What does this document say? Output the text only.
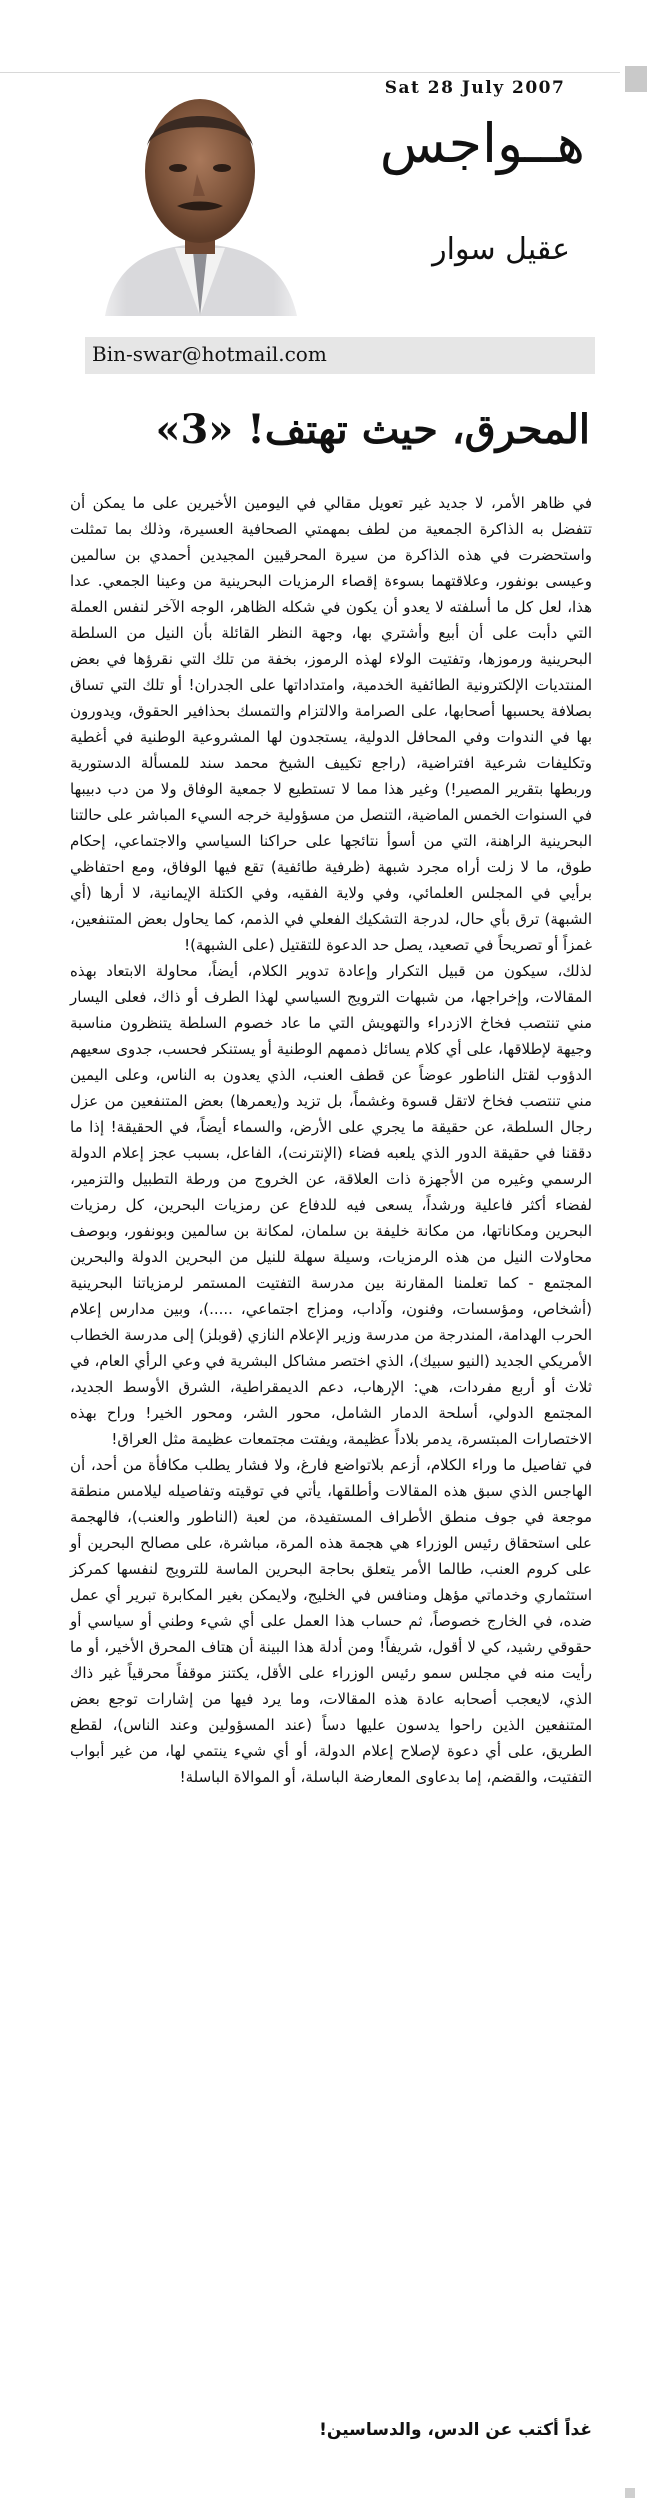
Sat 28 July 2007
هــواجس
عقيل سوار
Bin-swar@hotmail.com
المحرق، حيث تهتف! «3»

في ظاهر الأمر، لا جديد غير تعويل مقالي في اليومين الأخيرين على ما يمكن أن تتفضل به الذاكرة الجمعية من لطف بمهمتي الصحافية العسيرة، وذلك بما تمثلت واستحضرت في هذه الذاكرة من سيرة المحرقيين المجيدين أحمدي بن سالمين وعيسى بونفور، وعلاقتهما بسوءة إقصاء الرمزيات البحرينية من وعينا الجمعي. عدا هذا، لعل كل ما أسلفته لا يعدو أن يكون في شكله الظاهر، الوجه الآخر لنفس العملة التي دأبت على أن أبيع وأشتري بها، وجهة النظر القائلة بأن النيل من السلطة البحرينية ورموزها، وتفتيت الولاء لهذه الرموز، بخفة من تلك التي نقرؤها في بعض المنتديات الإلكترونية الطائفية الخدمية، وامتداداتها على الجدران! أو تلك التي تساق بصلافة يحسبها أصحابها، على الصرامة والالتزام والتمسك بحذافير الحقوق، ويدورون بها في الندوات وفي المحافل الدولية، يستجدون لها المشروعية الوطنية في أغطية وتكليفات شرعية افتراضية، (راجع تكييف الشيخ محمد سند للمسألة الدستورية وربطها بتقرير المصير!) وغير هذا مما لا تستطيع لا جمعية الوفاق ولا من دب دبيبها في السنوات الخمس الماضية، التنصل من مسؤولية خرجه السيء المباشر على حالتنا البحرينية الراهنة، التي من أسوأ نتائجها على حراكنا السياسي والاجتماعي، إحكام طوق، ما لا زلت أراه مجرد شبهة (ظرفية طائفية) تقع فيها الوفاق، ومع احتفاظي برأيي في المجلس العلمائي، وفي ولاية الفقيه، وفي الكتلة الإيمانية، لا أرها (أي الشبهة) ترق بأي حال، لدرجة التشكيك الفعلي في الذمم، كما يحاول بعض المتنفعين، غمزاً أو تصريحاً في تصعيد، يصل حد الدعوة للتقتيل (على الشبهة)!

لذلك، سيكون من قبيل التكرار وإعادة تدوير الكلام، أيضاً، محاولة الابتعاد بهذه المقالات، وإخراجها، من شبهات الترويج السياسي لهذا الطرف أو ذاك، فعلى اليسار مني تنتصب فخاخ الازدراء والتهويش التي ما عاد خصوم السلطة يتنظرون مناسبة وجيهة لإطلاقها، على أي كلام يسائل ذممهم الوطنية أو يستنكر فحسب، جدوى سعيهم الدؤوب لقتل الناطور عوضاً عن قطف العنب، الذي يعدون به الناس، وعلى اليمين مني تنتصب فخاخ لاتقل قسوة وغشماً، بل تزيد و(يعمرها) بعض المتنفعين من عزل رجال السلطة، عن حقيقة ما يجري على الأرض، والسماء أيضاً، في الحقيقة! إذا ما دققنا في حقيقة الدور الذي يلعبه فضاء (الإنترنت)، الفاعل، بسبب عجز إعلام الدولة الرسمي وغيره من الأجهزة ذات العلاقة، عن الخروج من ورطة التطبيل والتزمير، لفضاء أكثر فاعلية ورشداً، يسعى فيه للدفاع عن رمزيات البحرين، كل رمزيات البحرين ومكاناتها، من مكانة خليفة بن سلمان، لمكانة بن سالمين وبونفور، وبوصف محاولات النيل من هذه الرمزيات، وسيلة سهلة للنيل من البحرين الدولة والبحرين المجتمع - كما تعلمنا المقارنة بين مدرسة التفتيت المستمر لرمزياتنا البحرينية (أشخاص، ومؤسسات، وفنون، وآداب، ومزاج اجتماعي، .....)، وبين مدارس إعلام الحرب الهدامة، المندرجة من مدرسة وزير الإعلام النازي (قوبلز) إلى مدرسة الخطاب الأمريكي الجديد (النيو سبيك)، الذي اختصر مشاكل البشرية في وعي الرأي العام، في ثلاث أو أربع مفردات، هي: الإرهاب، دعم الديمقراطية، الشرق الأوسط الجديد، المجتمع الدولي، أسلحة الدمار الشامل، محور الشر، ومحور الخير! وراح بهذه الاختصارات المبتسرة، يدمر بلاداً عظيمة، ويفتت مجتمعات عظيمة مثل العراق!

في تفاصيل ما وراء الكلام، أزعم بلاتواضع فارغ، ولا فشار يطلب مكافأة من أحد، أن الهاجس الذي سبق هذه المقالات وأطلقها، يأتي في توقيته وتفاصيله ليلامس منطقة موجعة في جوف منطق الأطراف المستفيدة، من لعبة (الناطور والعنب)، فالهجمة على استحقاق رئيس الوزراء هي هجمة هذه المرة، مباشرة، على مصالح البحرين أو على كروم العنب، طالما الأمر يتعلق بحاجة البحرين الماسة للترويج لنفسها كمركز استثماري وخدماتي مؤهل ومنافس في الخليج، ولايمكن بغير المكابرة تبرير أي عمل ضده، في الخارج خصوصاً، ثم حساب هذا العمل على أي شيء وطني أو سياسي أو حقوقي رشيد، كي لا أقول، شريفاً! ومن أدلة هذا البينة أن هتاف المحرق الأخير، أو ما رأيت منه في مجلس سمو رئيس الوزراء على الأقل، يكتنز موقفاً محرقياً غير ذاك الذي، لايعجب أصحابه عادة هذه المقالات، وما يرد فيها من إشارات توجع بعض المتنفعين الذين راحوا يدسون عليها دساً (عند المسؤولين وعند الناس)، لقطع الطريق، على أي دعوة لإصلاح إعلام الدولة، أو أي شيء ينتمي لها، من غير أبواب التفتيت، والقضم، إما بدعاوى المعارضة الباسلة، أو الموالاة الباسلة!

غداً أكتب عن الدس، والدساسين!
